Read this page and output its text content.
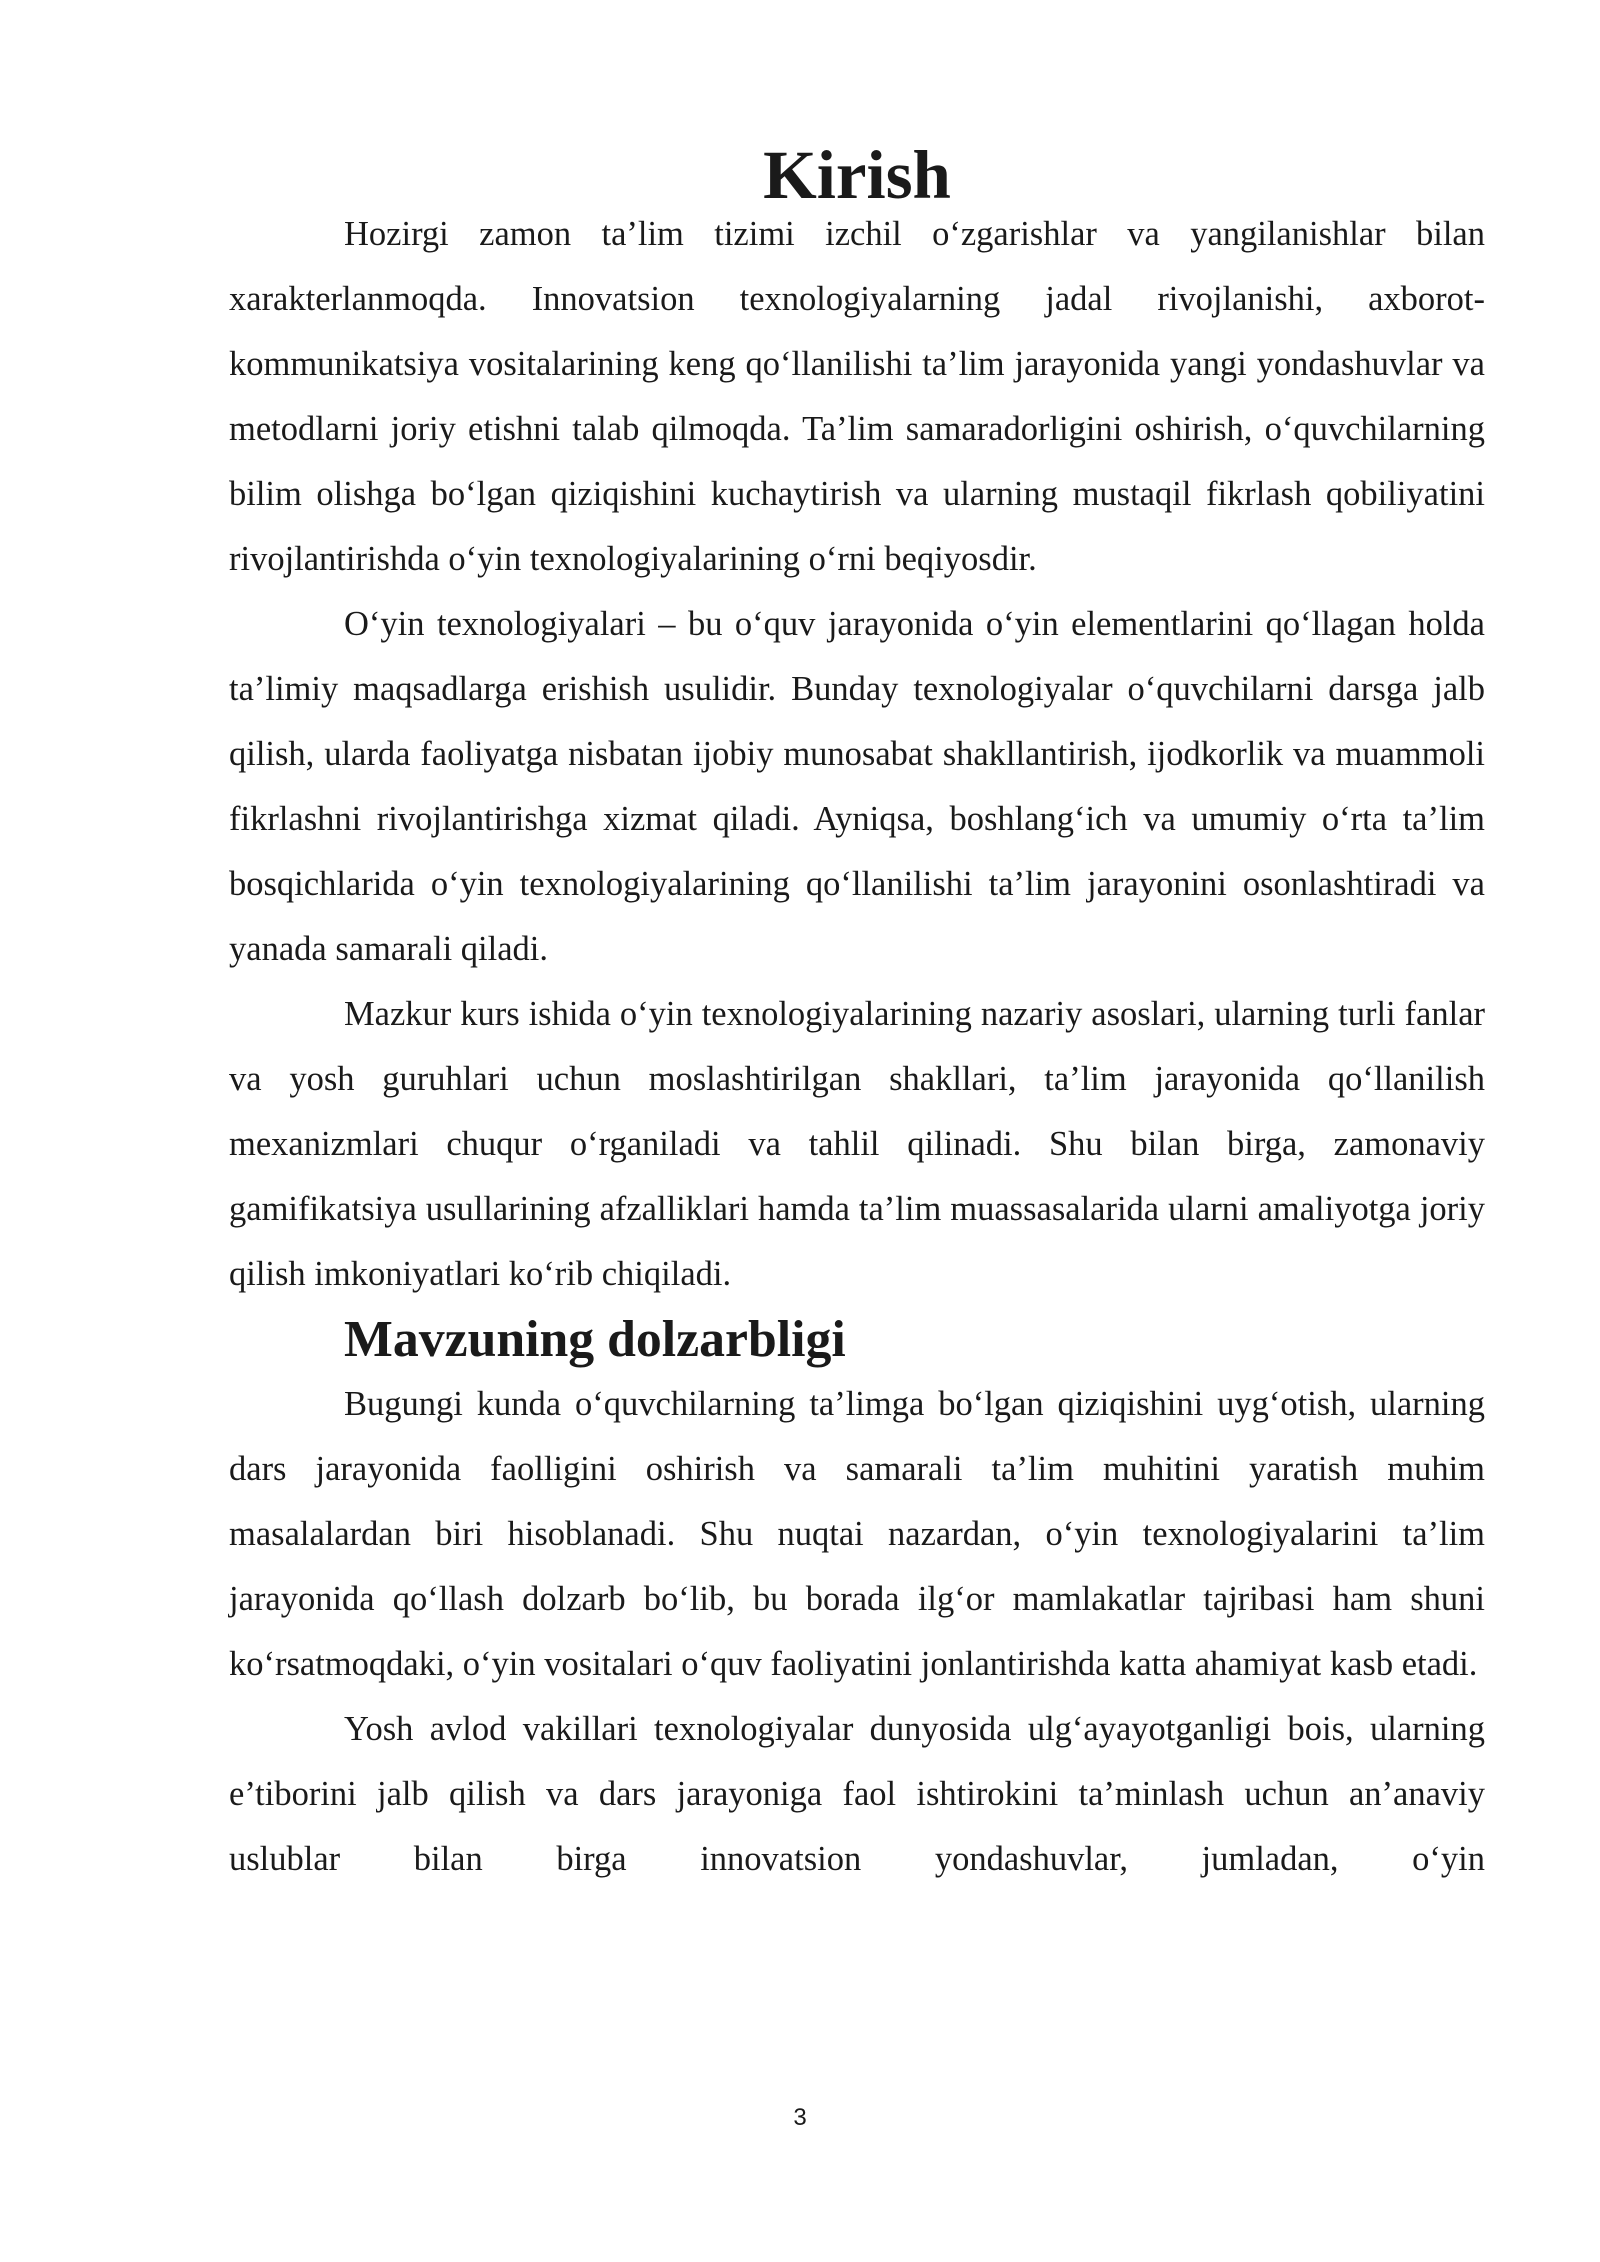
Kirish

Hozirgi zamon ta’lim tizimi izchil o‘zgarishlar va yangilanishlar bilan xarakterlanmoqda. Innovatsion texnologiyalarning jadal rivojlanishi, axborot-kommunikatsiya vositalarining keng qo‘llanilishi ta’lim jarayonida yangi yondashuvlar va metodlarni joriy etishni talab qilmoqda. Ta’lim samaradorligini oshirish, o‘quvchilarning bilim olishga bo‘lgan qiziqishini kuchaytirish va ularning mustaqil fikrlash qobiliyatini rivojlantirishda o‘yin texnologiyalarining o‘rni beqiyosdir.

O‘yin texnologiyalari – bu o‘quv jarayonida o‘yin elementlarini qo‘llagan holda ta’limiy maqsadlarga erishish usulidir. Bunday texnologiyalar o‘quvchilarni darsga jalb qilish, ularda faoliyatga nisbatan ijobiy munosabat shakllantirish, ijodkorlik va muammoli fikrlashni rivojlantirishga xizmat qiladi. Ayniqsa, boshlang‘ich va umumiy o‘rta ta’lim bosqichlarida o‘yin texnologiyalarining qo‘llanilishi ta’lim jarayonini osonlashtiradi va yanada samarali qiladi.

Mazkur kurs ishida o‘yin texnologiyalarining nazariy asoslari, ularning turli fanlar va yosh guruhlari uchun moslashtirilgan shakllari, ta’lim jarayonida qo‘llanilish mexanizmlari chuqur o‘rganiladi va tahlil qilinadi. Shu bilan birga, zamonaviy gamifikatsiya usullarining afzalliklari hamda ta’lim muassasalarida ularni amaliyotga joriy qilish imkoniyatlari ko‘rib chiqiladi.

Mavzuning dolzarbligi

Bugungi kunda o‘quvchilarning ta’limga bo‘lgan qiziqishini uyg‘otish, ularning dars jarayonida faolligini oshirish va samarali ta’lim muhitini yaratish muhim masalalardan biri hisoblanadi. Shu nuqtai nazardan, o‘yin texnologiyalarini ta’lim jarayonida qo‘llash dolzarb bo‘lib, bu borada ilg‘or mamlakatlar tajribasi ham shuni ko‘rsatmoqdaki, o‘yin vositalari o‘quv faoliyatini jonlantirishda katta ahamiyat kasb etadi.

Yosh avlod vakillari texnologiyalar dunyosida ulg‘ayayotganligi bois, ularning e’tiborini jalb qilish va dars jarayoniga faol ishtirokini ta’minlash uchun an’anaviy uslublar bilan birga innovatsion yondashuvlar, jumladan, o‘yin

3
